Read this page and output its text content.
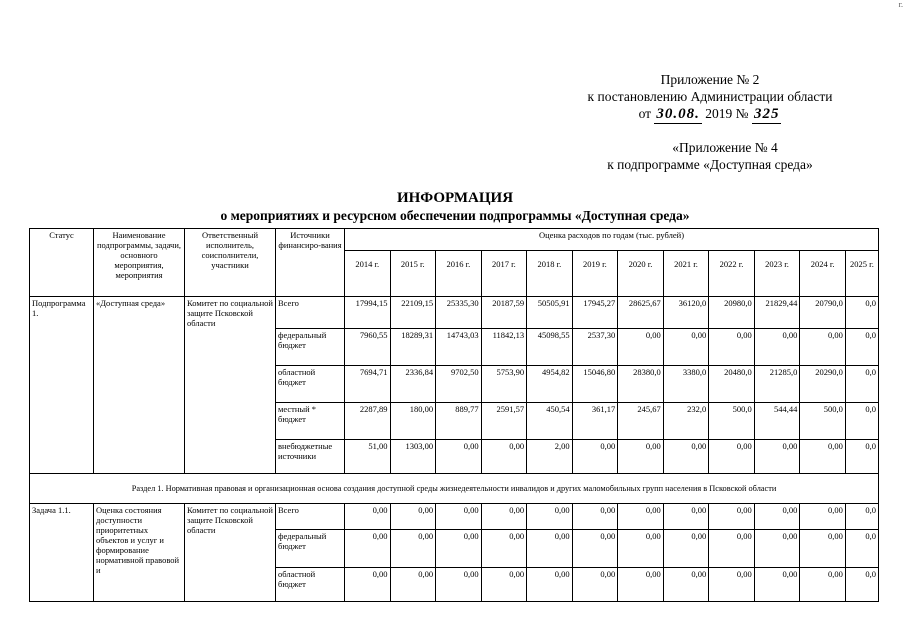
г.
Приложение № 2
к постановлению Администрации области
от 30.08. 2019 № 325
«Приложение № 4
к подпрограмме «Доступная среда»
ИНФОРМАЦИЯ
о мероприятиях и ресурсном обеспечении подпрограммы «Доступная среда»
Статус	Наименование подпрограммы, задачи, основного мероприятия, мероприятия	Ответственный исполнитель, соисполнители, участники	Источники финансиро-вания	Оценка расходов по годам (тыс. рублей)											
				2014 г.	2015 г.	2016 г.	2017 г.	2018 г.	2019 г.	2020 г.	2021 г.	2022 г.	2023 г.	2024 г.	2025 г.
Подпрограмма 1.	«Доступная среда»	Комитет по социальной защите Псковской области	Всего	17994,15	22109,15	25335,30	20187,59	50505,91	17945,27	28625,67	36120,0	20980,0	21829,44	20790,0	0,0
			федеральный бюджет	7960,55	18289,31	14743,03	11842,13	45098,55	2537,30	0,00	0,00	0,00	0,00	0,00	0,0
			областной бюджет	7694,71	2336,84	9702,50	5753,90	4954,82	15046,80	28380,0	3380,0	20480,0	21285,0	20290,0	0,0
			местный * бюджет	2287,89	180,00	889,77	2591,57	450,54	361,17	245,67	232,0	500,0	544,44	500,0	0,0
			внебюджетные источники	51,00	1303,00	0,00	0,00	2,00	0,00	0,00	0,00	0,00	0,00	0,00	0,0
Раздел 1. Нормативная правовая и организационная основа создания доступной среды жизнедеятельности инвалидов и других маломобильных групп населения в Псковской области															
Задача 1.1.	Оценка состояния доступности приоритетных объектов и услуг и формирование нормативной правовой и	Комитет по социальной защите Псковской области	Всего	0,00	0,00	0,00	0,00	0,00	0,00	0,00	0,00	0,00	0,00	0,00	0,0
			федеральный бюджет	0,00	0,00	0,00	0,00	0,00	0,00	0,00	0,00	0,00	0,00	0,00	0,0
			областной бюджет	0,00	0,00	0,00	0,00	0,00	0,00	0,00	0,00	0,00	0,00	0,00	0,0
